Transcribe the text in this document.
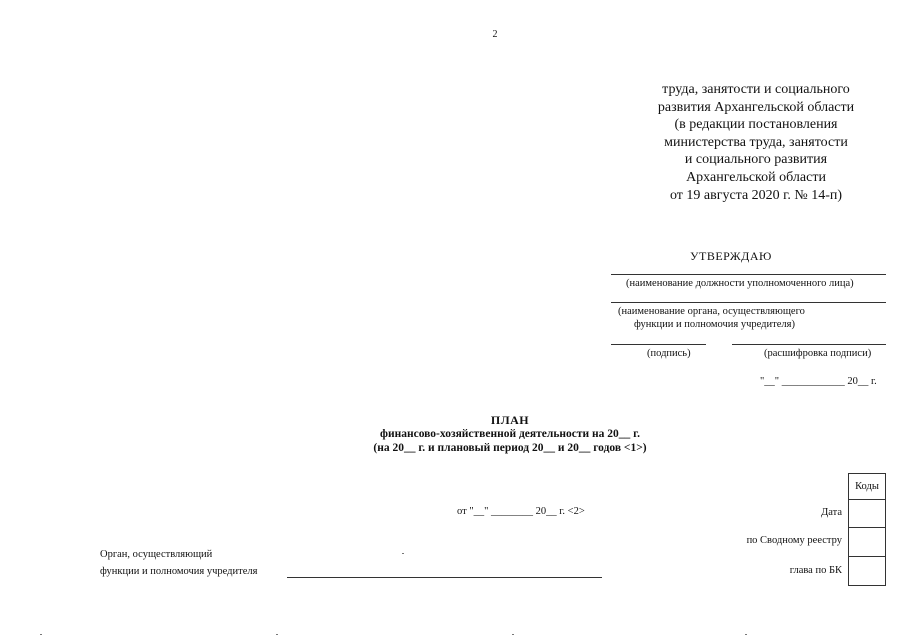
2
труда, занятости и социального
развития Архангельской области
(в редакции постановления
министерства труда, занятости
и социального развития
Архангельской области
от 19 августа 2020 г. № 14-п)
УТВЕРЖДАЮ
(наименование должности уполномоченного лица)
(наименование органа, осуществляющего
функции и полномочия учредителя)
(подпись)	(расшифровка подписи)
"__" ____________ 20__ г.
ПЛАН
финансово-хозяйственной деятельности на 20__ г.
(на 20__ г. и плановый период 20__ и 20__ годов <1>)
от "__" ________ 20__ г. <2>
Коды

Дата
по Сводному реестру
глава по БК
Орган, осуществляющий
функции и полномочия учредителя
